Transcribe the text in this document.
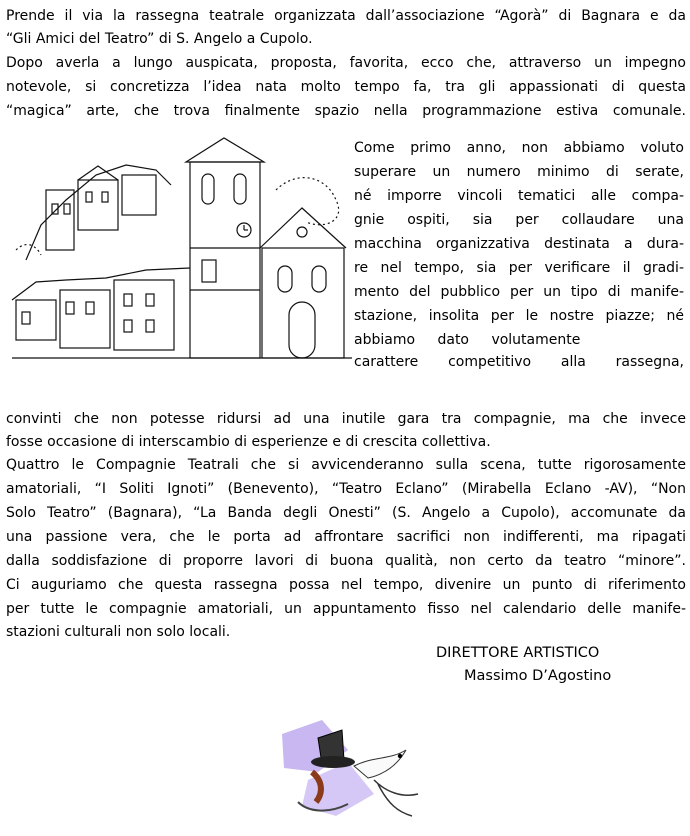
Prende il via la rassegna teatrale organizzata dall’associazione “Agorà” di Bagnara e da
“Gli Amici del Teatro” di S. Angelo a Cupolo.
Dopo averla a lungo auspicata, proposta, favorita, ecco che, attraverso un impegno
notevole, si concretizza l’idea nata molto tempo fa, tra gli appassionati di questa
“magica” arte, che trova finalmente spazio nella programmazione estiva comunale.
Come primo anno, non abbiamo voluto
superare un numero minimo di serate,
né imporre vincoli tematici alle compa-
gnie ospiti, sia per collaudare una
macchina organizzativa destinata a dura-
re nel tempo, sia per verificare il gradi-
mento del pubblico per un tipo di manife-
stazione, insolita per le nostre piazze; né
abbiamo dato volutamente
carattere competitivo alla rassegna,
convinti che non potesse ridursi ad una inutile gara tra compagnie, ma che invece
fosse occasione di interscambio di esperienze e di crescita collettiva.
Quattro le Compagnie Teatrali che si avvicenderanno sulla scena, tutte rigorosamente
amatoriali, “I Soliti Ignoti” (Benevento), “Teatro Eclano” (Mirabella Eclano -AV), “Non
Solo Teatro” (Bagnara), “La Banda degli Onesti” (S. Angelo a Cupolo), accomunate da
una passione vera, che le porta ad affrontare sacrifici non indifferenti, ma ripagati
dalla soddisfazione di proporre lavori di buona qualità, non certo da teatro “minore”.
Ci auguriamo che questa rassegna possa nel tempo, divenire un punto di riferimento
per tutte le compagnie amatoriali, un appuntamento fisso nel calendario delle manife-
stazioni culturali non solo locali.
DIRETTORE ARTISTICO
Massimo D’Agostino
